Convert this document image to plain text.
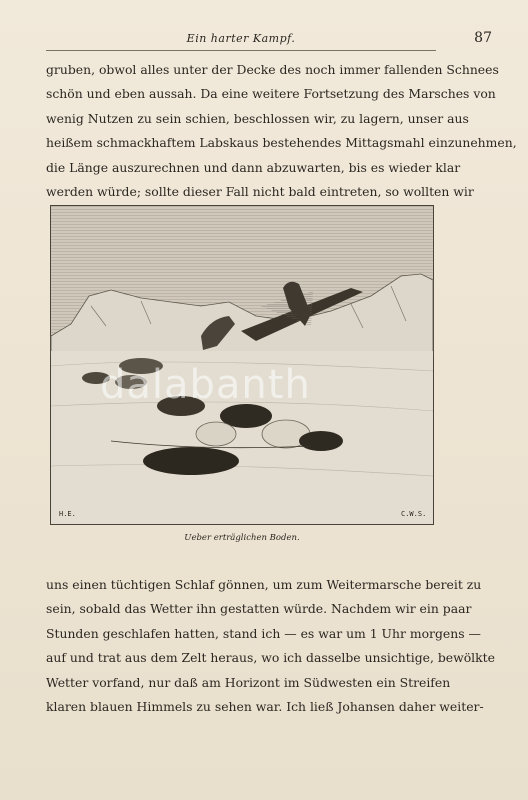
Ein harter Kampf.	87
gruben, obwol alles unter der Decke des noch immer fallenden Schnees
schön und eben aussah. Da eine weitere Fortsetzung des Marsches von
wenig Nutzen zu sein schien, beschlossen wir, zu lagern, unser aus
heißem schmackhaftem Labskaus bestehendes Mittagsmahl einzunehmen,
die Länge auszurechnen und dann abzuwarten, bis es wieder klar
werden würde; sollte dieser Fall nicht bald eintreten, so wollten wir
H.E.	C.W.S.
dalabanth
Ueber erträglichen Boden.
uns einen tüchtigen Schlaf gönnen, um zum Weitermarsche bereit zu
sein, sobald das Wetter ihn gestatten würde. Nachdem wir ein paar
Stunden geschlafen hatten, stand ich — es war um 1 Uhr morgens —
auf und trat aus dem Zelt heraus, wo ich dasselbe unsichtige, bewölkte
Wetter vorfand, nur daß am Horizont im Südwesten ein Streifen
klaren blauen Himmels zu sehen war. Ich ließ Johansen daher weiter-
